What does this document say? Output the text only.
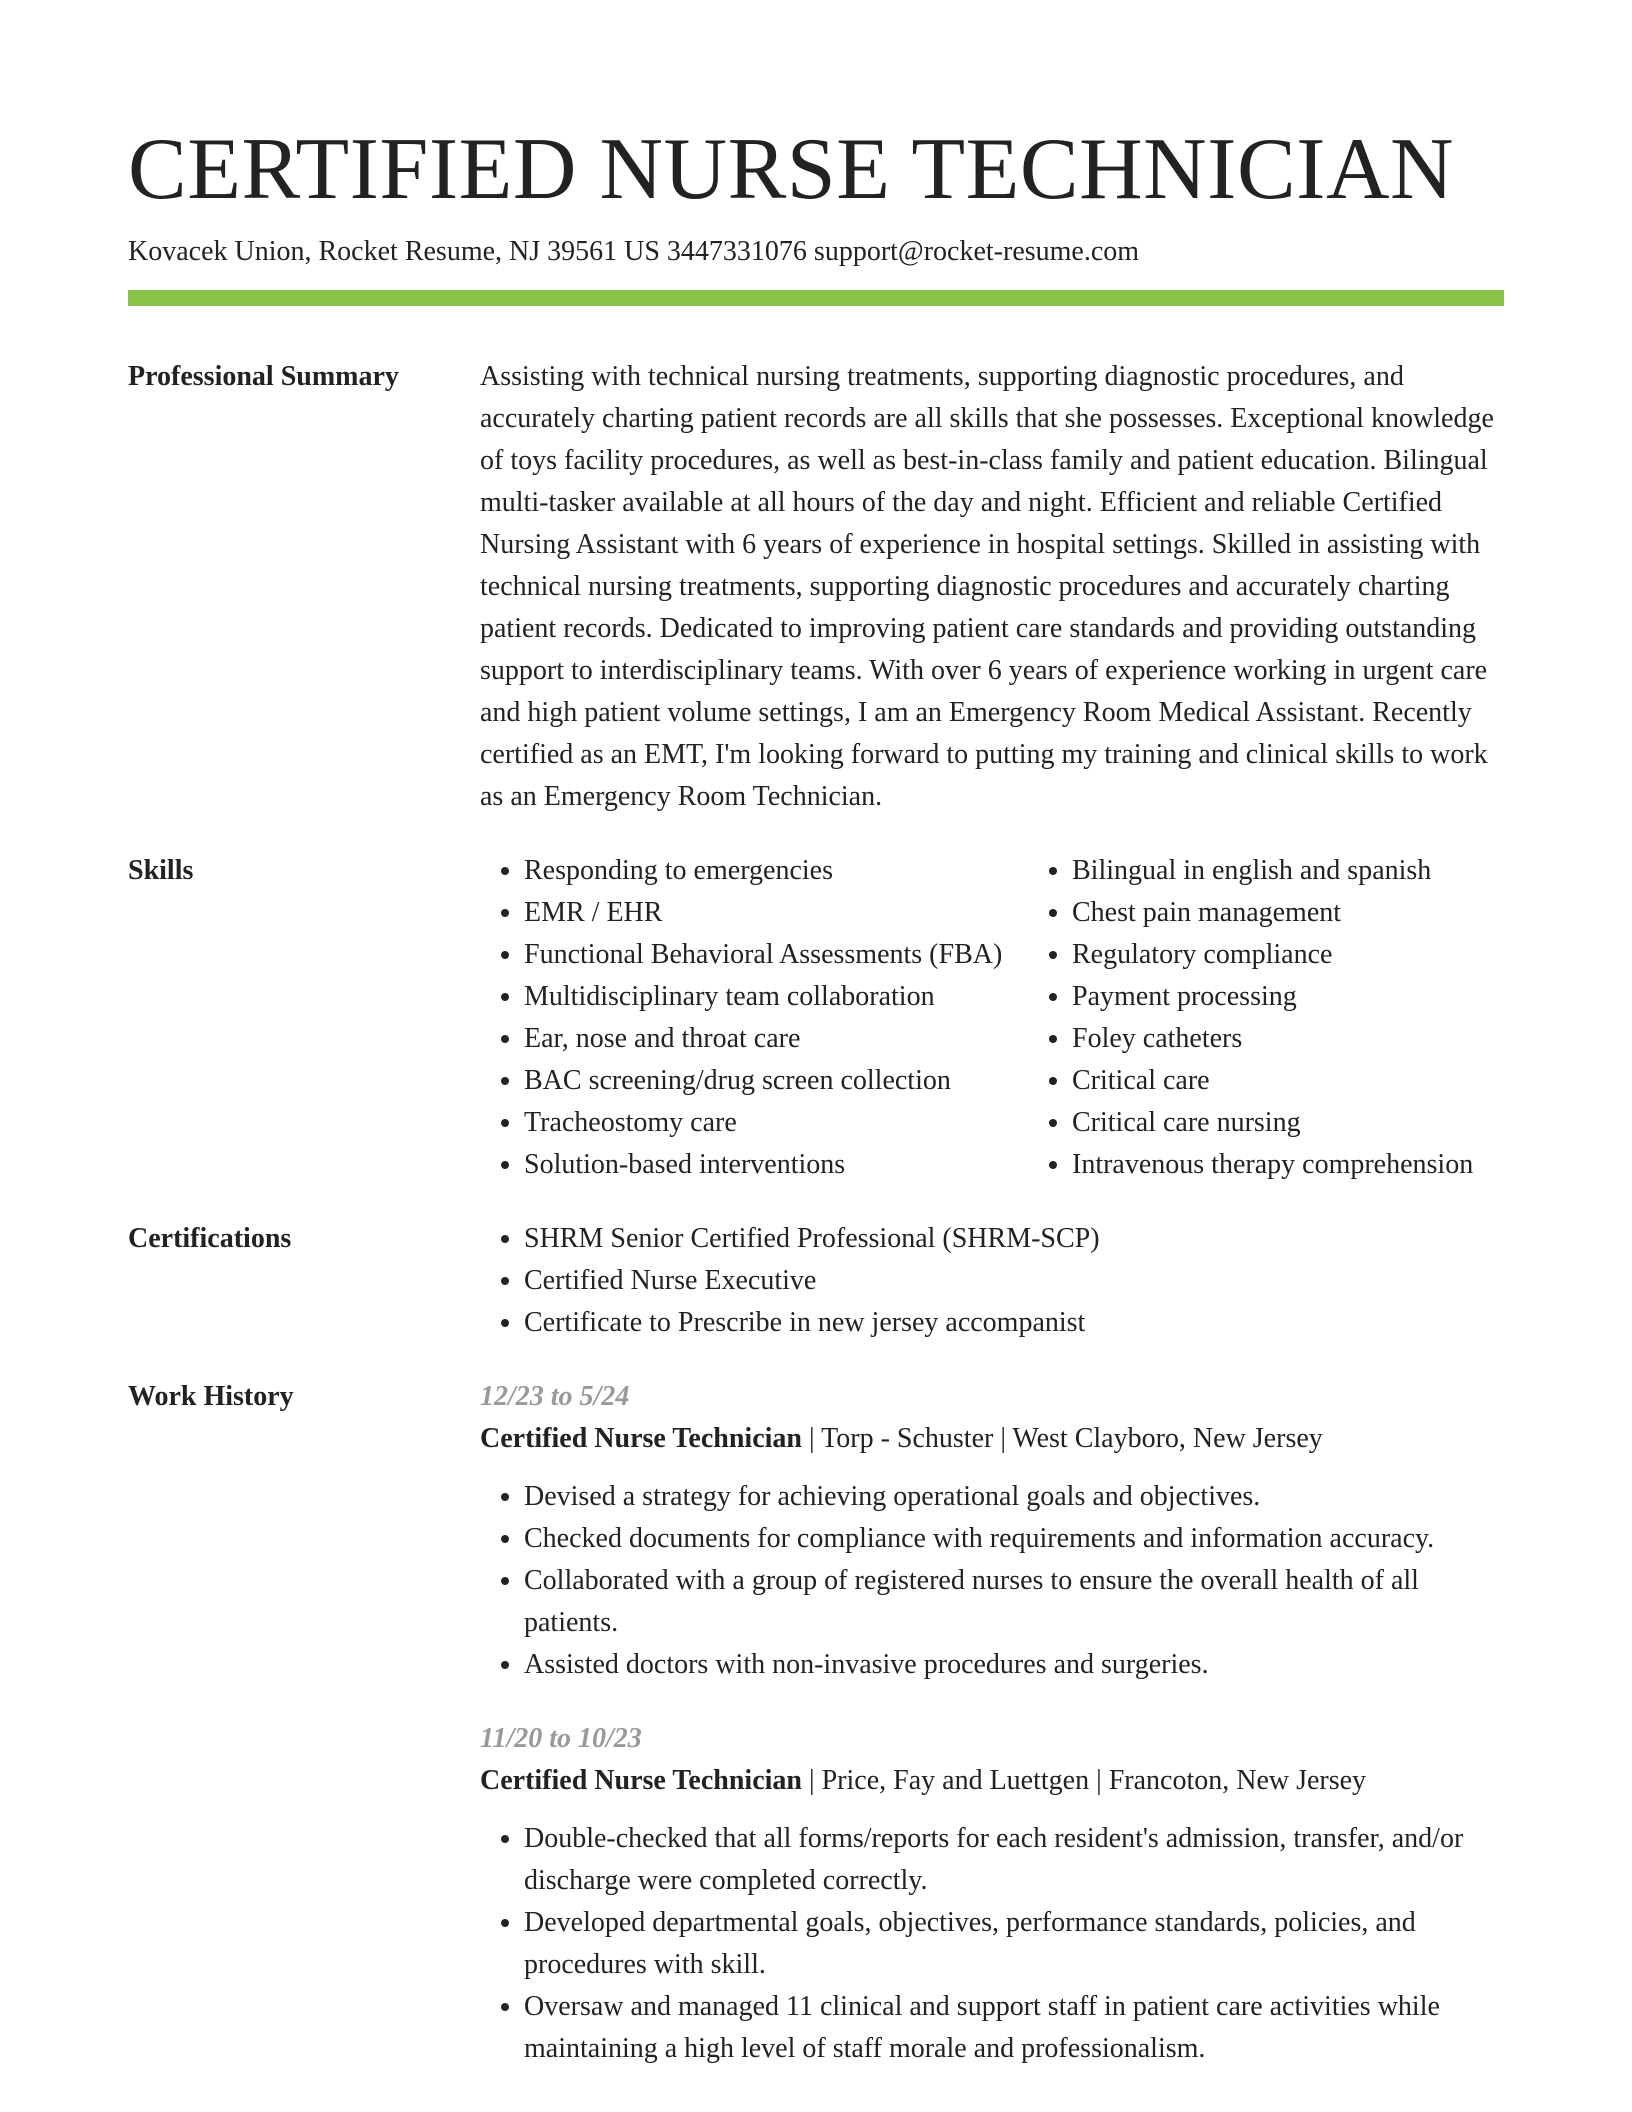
CERTIFIED NURSE TECHNICIAN
Kovacek Union, Rocket Resume, NJ 39561 US 3447331076 support@rocket-resume.com
Professional Summary	Assisting with technical nursing treatments, supporting diagnostic procedures, and accurately charting patient records are all skills that she possesses. Exceptional knowledge of toys facility procedures, as well as best-in-class family and patient education. Bilingual multi-tasker available at all hours of the day and night. Efficient and reliable Certified Nursing Assistant with 6 years of experience in hospital settings. Skilled in assisting with technical nursing treatments, supporting diagnostic procedures and accurately charting patient records. Dedicated to improving patient care standards and providing outstanding support to interdisciplinary teams. With over 6 years of experience working in urgent care and high patient volume settings, I am an Emergency Room Medical Assistant. Recently certified as an EMT, I'm looking forward to putting my training and clinical skills to work as an Emergency Room Technician.
Skills	• Responding to emergencies
• EMR / EHR
• Functional Behavioral Assessments (FBA)
• Multidisciplinary team collaboration
• Ear, nose and throat care
• BAC screening/drug screen collection
• Tracheostomy care
• Solution-based interventions
• Bilingual in english and spanish
• Chest pain management
• Regulatory compliance
• Payment processing
• Foley catheters
• Critical care
• Critical care nursing
• Intravenous therapy comprehension
Certifications	• SHRM Senior Certified Professional (SHRM-SCP)
• Certified Nurse Executive
• Certificate to Prescribe in new jersey accompanist
Work History	12/23 to 5/24
Certified Nurse Technician | Torp - Schuster | West Clayboro, New Jersey
• Devised a strategy for achieving operational goals and objectives.
• Checked documents for compliance with requirements and information accuracy.
• Collaborated with a group of registered nurses to ensure the overall health of all patients.
• Assisted doctors with non-invasive procedures and surgeries.
11/20 to 10/23
Certified Nurse Technician | Price, Fay and Luettgen | Francoton, New Jersey
• Double-checked that all forms/reports for each resident's admission, transfer, and/or discharge were completed correctly.
• Developed departmental goals, objectives, performance standards, policies, and procedures with skill.
• Oversaw and managed 11 clinical and support staff in patient care activities while maintaining a high level of staff morale and professionalism.
